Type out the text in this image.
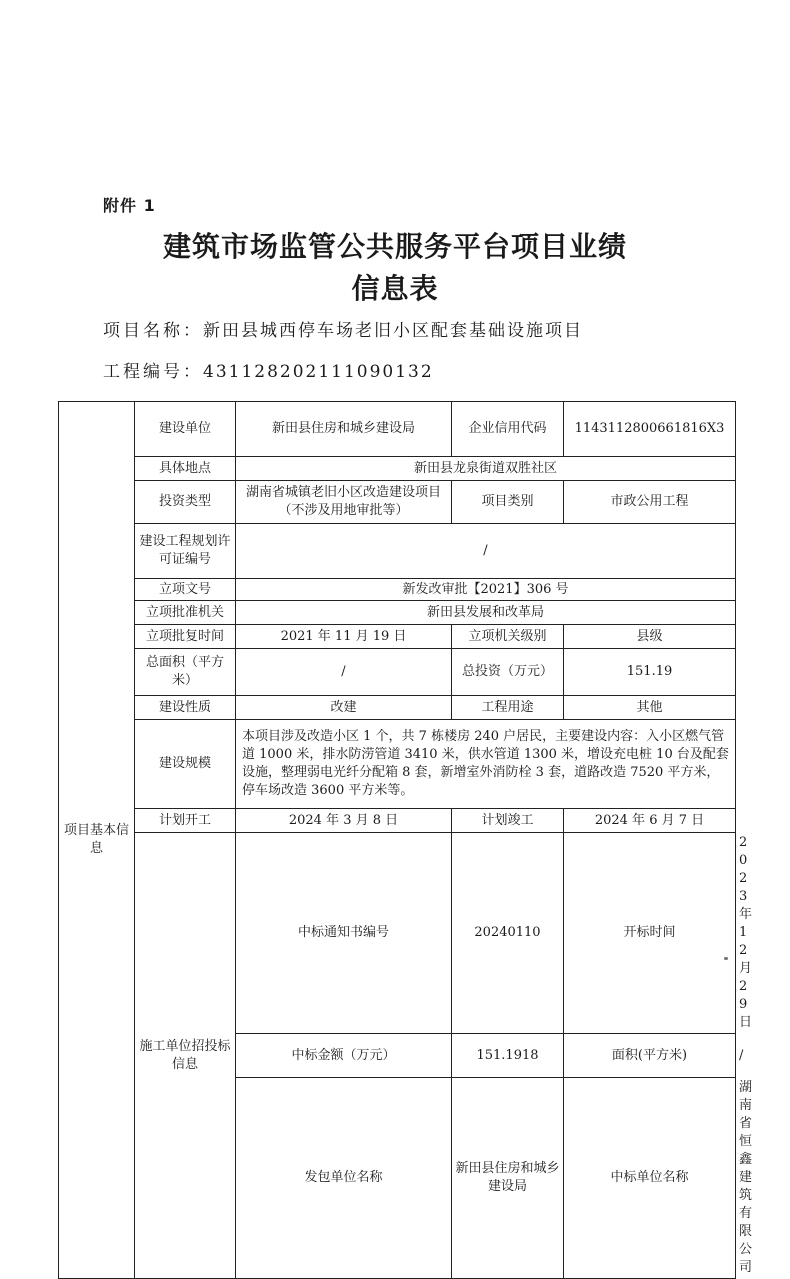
附件 1
建筑市场监管公共服务平台项目业绩
信息表
项目名称：新田县城西停车场老旧小区配套基础设施项目
工程编号：43112820211109013​2
项目基本信息	建设单位	新田县住房和城乡建设局	企业信用代码	1143112800661816X3	
	具体地点	新田县龙泉街道双胜社区			
	投资类型	湖南省城镇老旧小区改造建设项目（不涉及用地审批等）	项目类别	市政公用工程	
	建设工程规划许可证编号	/			
	立项文号	新发改审批【2021】306 号			
	立项批准机关	新田县发展和改革局			
	立项批复时间	2021 年 11 月 19 日	立项机关级别	县级	
	总面积（平方米）	/	总投资（万元）	151.19	
	建设性质	改建	工程用途	其他	
	建设规模	本项目涉及改造小区 1 个，共 7 栋楼房 240 户居民，主要建设内容：入小区燃气管道 1000 米，排水防涝管道 3410 米，供水管道 1300 米，增设充电桩 10 台及配套设施，整理弱电光纤分配箱 8 套，新增室外消防栓 3 套，道路改造 7520 平方米，停车场改造 3600 平方米等。			
	计划开工	2024 年 3 月 8 日	计划竣工	2024 年 6 月 7 日	
	施工单位招投标信息	中标通知书编号	20240110	开标时间	2023 年 12 月 29 日
		中标金额（万元）	151.1918	面积(平方米)	/
		发包单位名称	新田县住房和城乡建设局	中标单位名称	湖南省恒鑫建筑有限公司
